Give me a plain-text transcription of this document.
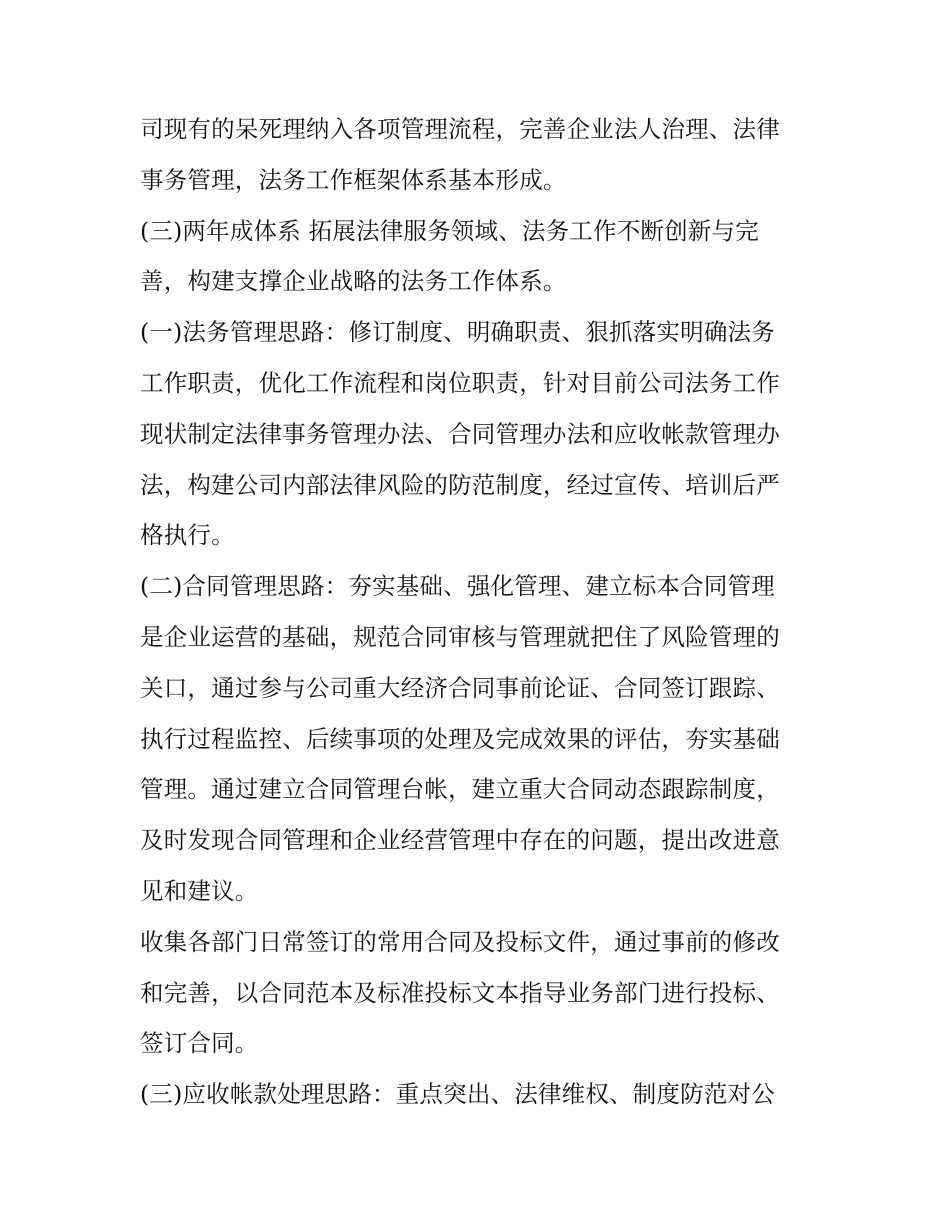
司现有的呆死理纳入各项管理流程，完善企业法人治理、法律
事务管理，法务工作框架体系基本形成。
(三)两年成体系 拓展法律服务领域、法务工作不断创新与完
善，构建支撑企业战略的法务工作体系。
(一)法务管理思路：修订制度、明确职责、狠抓落实明确法务
工作职责，优化工作流程和岗位职责，针对目前公司法务工作
现状制定法律事务管理办法、合同管理办法和应收帐款管理办
法，构建公司内部法律风险的防范制度，经过宣传、培训后严
格执行。
(二)合同管理思路：夯实基础、强化管理、建立标本合同管理
是企业运营的基础，规范合同审核与管理就把住了风险管理的
关口，通过参与公司重大经济合同事前论证、合同签订跟踪、
执行过程监控、后续事项的处理及完成效果的评估，夯实基础
管理。通过建立合同管理台帐，建立重大合同动态跟踪制度，
及时发现合同管理和企业经营管理中存在的问题，提出改进意
见和建议。
收集各部门日常签订的常用合同及投标文件，通过事前的修改
和完善，以合同范本及标准投标文本指导业务部门进行投标、
签订合同。
(三)应收帐款处理思路：重点突出、法律维权、制度防范对公
